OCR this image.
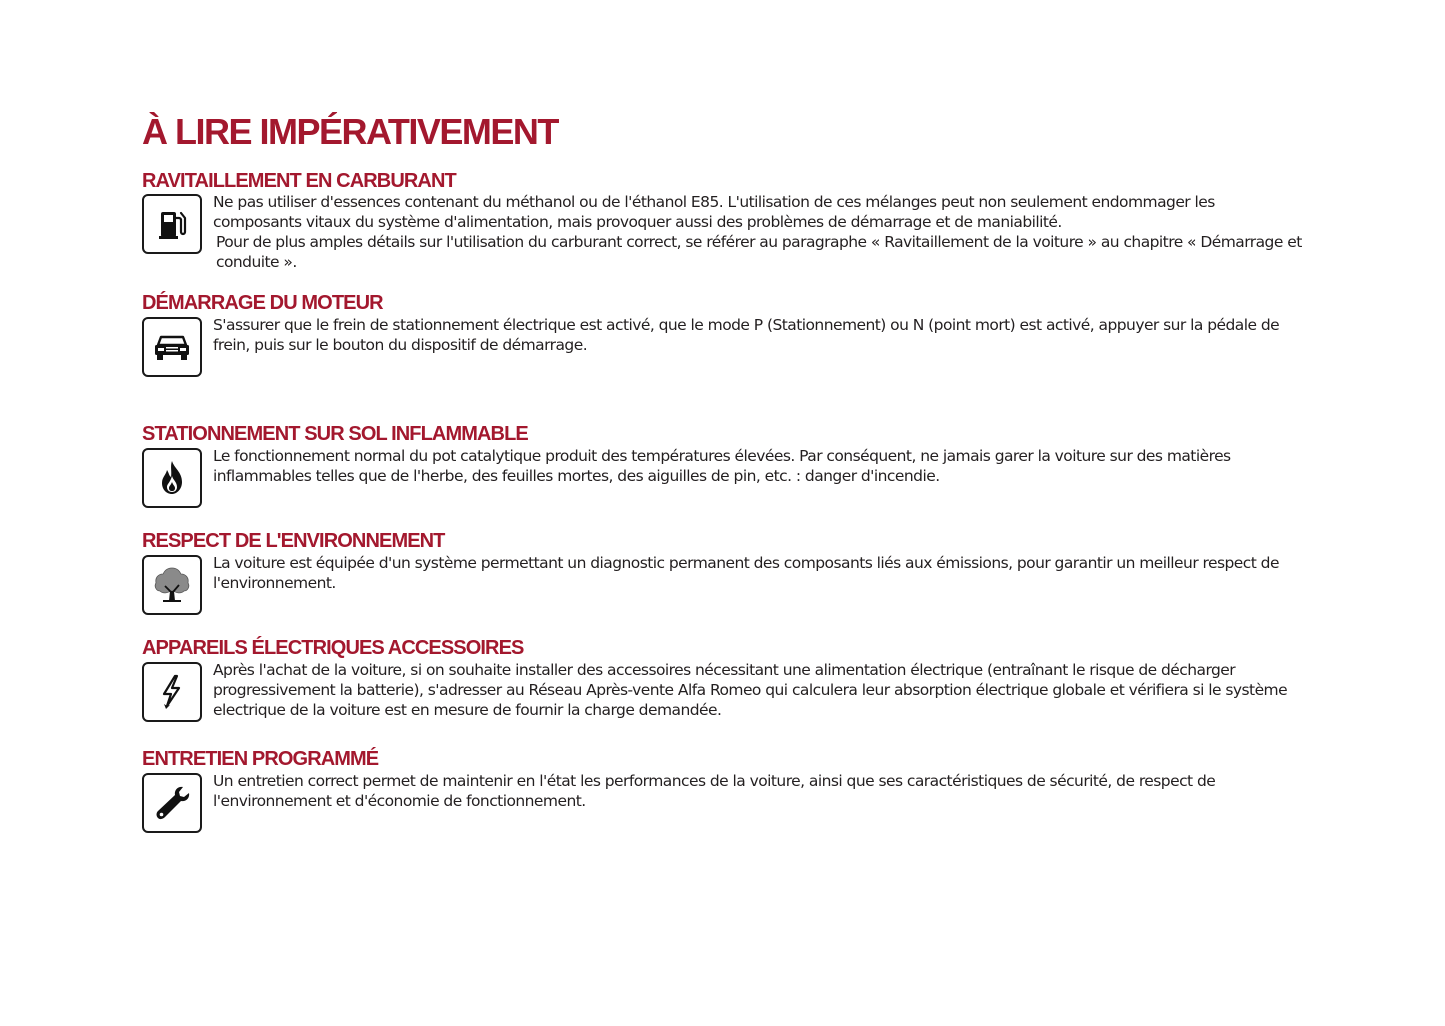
À LIRE IMPÉRATIVEMENT
RAVITAILLEMENT EN CARBURANT

Ne pas utiliser d'essences contenant du méthanol ou de l'éthanol E85. L'utilisation de ces mélanges peut non seulement endommager les composants vitaux du système d'alimentation, mais provoquer aussi des problèmes de démarrage et de maniabilité.

Pour de plus amples détails sur l'utilisation du carburant correct, se référer au paragraphe « Ravitaillement de la voiture » au chapitre « Démarrage et conduite ».

DÉMARRAGE DU MOTEUR

S'assurer que le frein de stationnement électrique est activé, que le mode P (Stationnement) ou N (point mort) est activé, appuyer sur la pédale de frein, puis sur le bouton du dispositif de démarrage.

STATIONNEMENT SUR SOL INFLAMMABLE

Le fonctionnement normal du pot catalytique produit des températures élevées. Par conséquent, ne jamais garer la voiture sur des matières inflammables telles que de l'herbe, des feuilles mortes, des aiguilles de pin, etc. : danger d'incendie.

RESPECT DE L'ENVIRONNEMENT

La voiture est équipée d'un système permettant un diagnostic permanent des composants liés aux émissions, pour garantir un meilleur respect de l'environnement.

APPAREILS ÉLECTRIQUES ACCESSOIRES

Après l'achat de la voiture, si on souhaite installer des accessoires nécessitant une alimentation électrique (entraînant le risque de décharger progressivement la batterie), s'adresser au Réseau Après-vente Alfa Romeo qui calculera leur absorption électrique globale et vérifiera si le système electrique de la voiture est en mesure de fournir la charge demandée.

ENTRETIEN PROGRAMMÉ

Un entretien correct permet de maintenir en l'état les performances de la voiture, ainsi que ses caractéristiques de sécurité, de respect de l'environnement et d'économie de fonctionnement.
